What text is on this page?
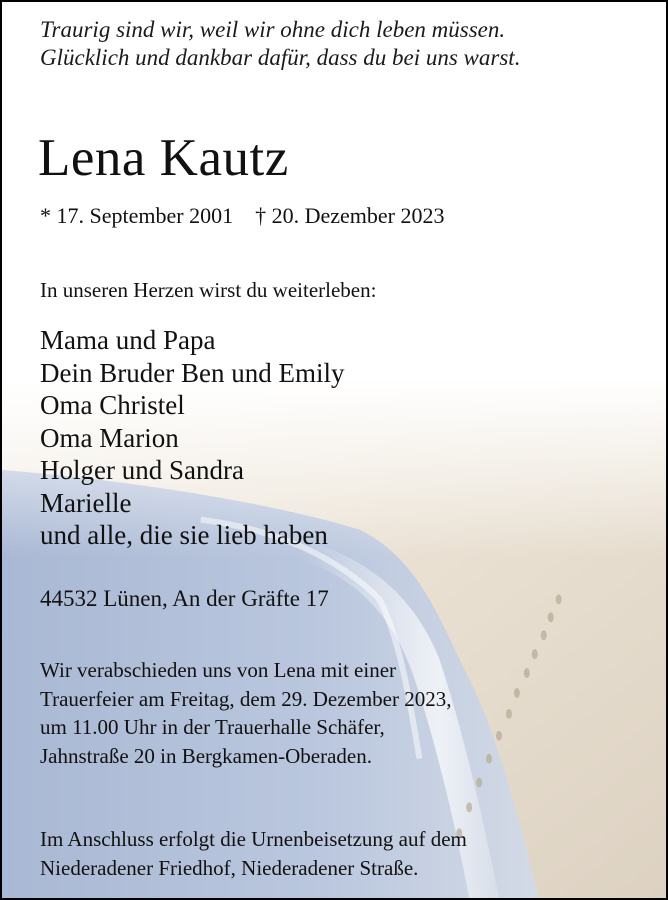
Traurig sind wir, weil wir ohne dich leben müssen.
Glücklich und dankbar dafür, dass du bei uns warst.
Lena Kautz
* 17. September 2001 † 20. Dezember 2023
In unseren Herzen wirst du weiterleben:
Mama und Papa
Dein Bruder Ben und Emily
Oma Christel
Oma Marion
Holger und Sandra
Marielle
und alle, die sie lieb haben
44532 Lünen, An der Gräfte 17
Wir verabschieden uns von Lena mit einer
Trauerfeier am Freitag, dem 29. Dezember 2023,
um 11.00 Uhr in der Trauerhalle Schäfer,
Jahnstraße 20 in Bergkamen-Oberaden.
Im Anschluss erfolgt die Urnenbeisetzung auf dem
Niederadener Friedhof, Niederadener Straße.
